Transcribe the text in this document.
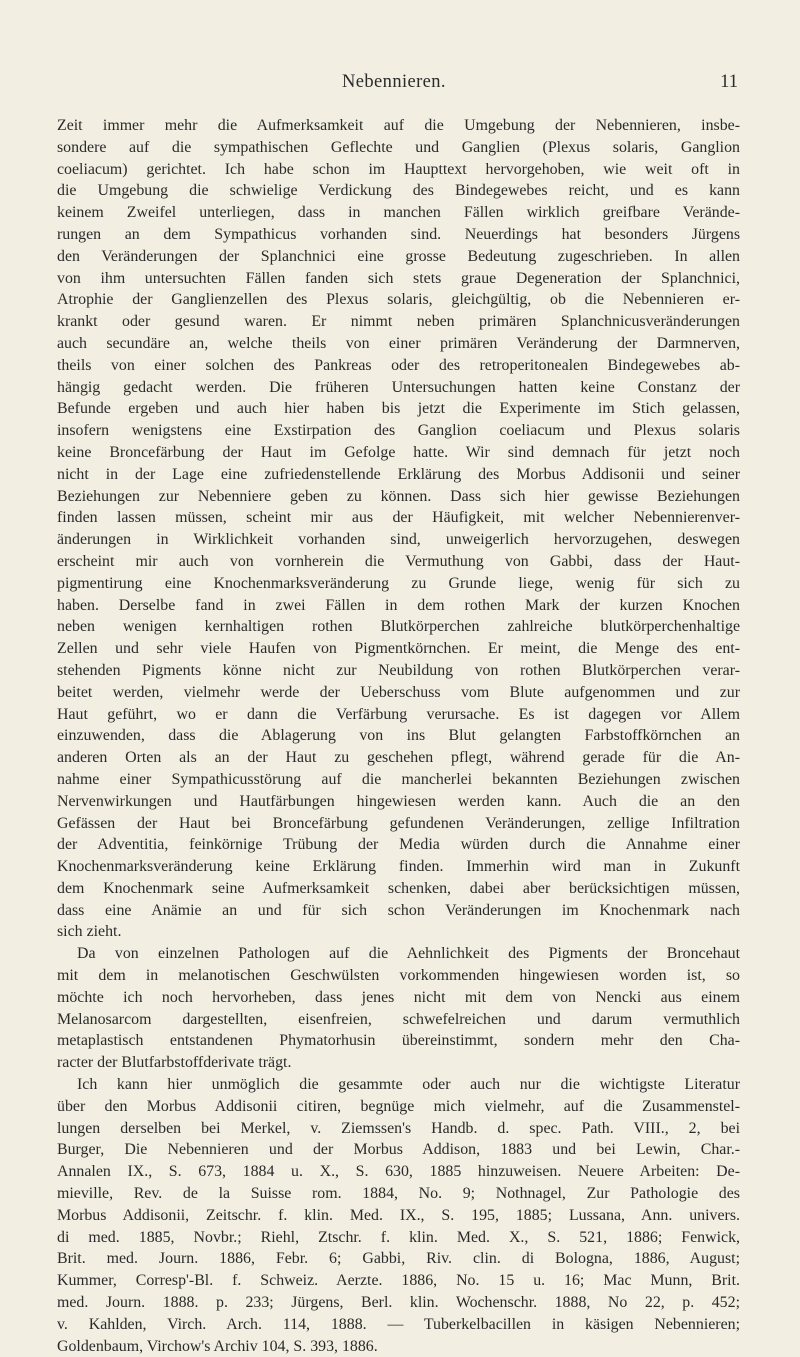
Nebennieren.	11
Zeit immer mehr die Aufmerksamkeit auf die Umgebung der Nebennieren, insbe-
sondere auf die sympathischen Geflechte und Ganglien (Plexus solaris, Ganglion
coeliacum) gerichtet. Ich habe schon im Haupttext hervorgehoben, wie weit oft in
die Umgebung die schwielige Verdickung des Bindegewebes reicht, und es kann
keinem Zweifel unterliegen, dass in manchen Fällen wirklich greifbare Verände-
rungen an dem Sympathicus vorhanden sind. Neuerdings hat besonders Jürgens
den Veränderungen der Splanchnici eine grosse Bedeutung zugeschrieben. In allen
von ihm untersuchten Fällen fanden sich stets graue Degeneration der Splanchnici,
Atrophie der Ganglienzellen des Plexus solaris, gleichgültig, ob die Nebennieren er-
krankt oder gesund waren. Er nimmt neben primären Splanchnicusveränderungen
auch secundäre an, welche theils von einer primären Veränderung der Darmnerven,
theils von einer solchen des Pankreas oder des retroperitonealen Bindegewebes ab-
hängig gedacht werden. Die früheren Untersuchungen hatten keine Constanz der
Befunde ergeben und auch hier haben bis jetzt die Experimente im Stich gelassen,
insofern wenigstens eine Exstirpation des Ganglion coeliacum und Plexus solaris
keine Broncefärbung der Haut im Gefolge hatte. Wir sind demnach für jetzt noch
nicht in der Lage eine zufriedenstellende Erklärung des Morbus Addisonii und seiner
Beziehungen zur Nebenniere geben zu können. Dass sich hier gewisse Beziehungen
finden lassen müssen, scheint mir aus der Häufigkeit, mit welcher Nebennierenver-
änderungen in Wirklichkeit vorhanden sind, unweigerlich hervorzugehen, deswegen
erscheint mir auch von vornherein die Vermuthung von Gabbi, dass der Haut-
pigmentirung eine Knochenmarksveränderung zu Grunde liege, wenig für sich zu
haben. Derselbe fand in zwei Fällen in dem rothen Mark der kurzen Knochen
neben wenigen kernhaltigen rothen Blutkörperchen zahlreiche blutkörperchenhaltige
Zellen und sehr viele Haufen von Pigmentkörnchen. Er meint, die Menge des ent-
stehenden Pigments könne nicht zur Neubildung von rothen Blutkörperchen verar-
beitet werden, vielmehr werde der Ueberschuss vom Blute aufgenommen und zur
Haut geführt, wo er dann die Verfärbung verursache. Es ist dagegen vor Allem
einzuwenden, dass die Ablagerung von ins Blut gelangten Farbstoffkörnchen an
anderen Orten als an der Haut zu geschehen pflegt, während gerade für die An-
nahme einer Sympathicusstörung auf die mancherlei bekannten Beziehungen zwischen
Nervenwirkungen und Hautfärbungen hingewiesen werden kann. Auch die an den
Gefässen der Haut bei Broncefärbung gefundenen Veränderungen, zellige Infiltration
der Adventitia, feinkörnige Trübung der Media würden durch die Annahme einer
Knochenmarksveränderung keine Erklärung finden. Immerhin wird man in Zukunft
dem Knochenmark seine Aufmerksamkeit schenken, dabei aber berücksichtigen müssen,
dass eine Anämie an und für sich schon Veränderungen im Knochenmark nach
sich zieht.
Da von einzelnen Pathologen auf die Aehnlichkeit des Pigments der Broncehaut
mit dem in melanotischen Geschwülsten vorkommenden hingewiesen worden ist, so
möchte ich noch hervorheben, dass jenes nicht mit dem von Nencki aus einem
Melanosarcom dargestellten, eisenfreien, schwefelreichen und darum vermuthlich
metaplastisch entstandenen Phymatorhusin übereinstimmt, sondern mehr den Cha-
racter der Blutfarbstoffderivate trägt.
Ich kann hier unmöglich die gesammte oder auch nur die wichtigste Literatur
über den Morbus Addisonii citiren, begnüge mich vielmehr, auf die Zusammenstel-
lungen derselben bei Merkel, v. Ziemssen's Handb. d. spec. Path. VIII., 2, bei
Burger, Die Nebennieren und der Morbus Addison, 1883 und bei Lewin, Char.-
Annalen IX., S. 673, 1884 u. X., S. 630, 1885 hinzuweisen. Neuere Arbeiten: De-
mieville, Rev. de la Suisse rom. 1884, No. 9; Nothnagel, Zur Pathologie des
Morbus Addisonii, Zeitschr. f. klin. Med. IX., S. 195, 1885; Lussana, Ann. univers.
di med. 1885, Novbr.; Riehl, Ztschr. f. klin. Med. X., S. 521, 1886; Fenwick,
Brit. med. Journ. 1886, Febr. 6; Gabbi, Riv. clin. di Bologna, 1886, August;
Kummer, Corresp'-Bl. f. Schweiz. Aerzte. 1886, No. 15 u. 16; Mac Munn, Brit.
med. Journ. 1888. p. 233; Jürgens, Berl. klin. Wochenschr. 1888, No 22, p. 452;
v. Kahlden, Virch. Arch. 114, 1888. — Tuberkelbacillen in käsigen Nebennieren;
Goldenbaum, Virchow's Archiv 104, S. 393, 1886.
